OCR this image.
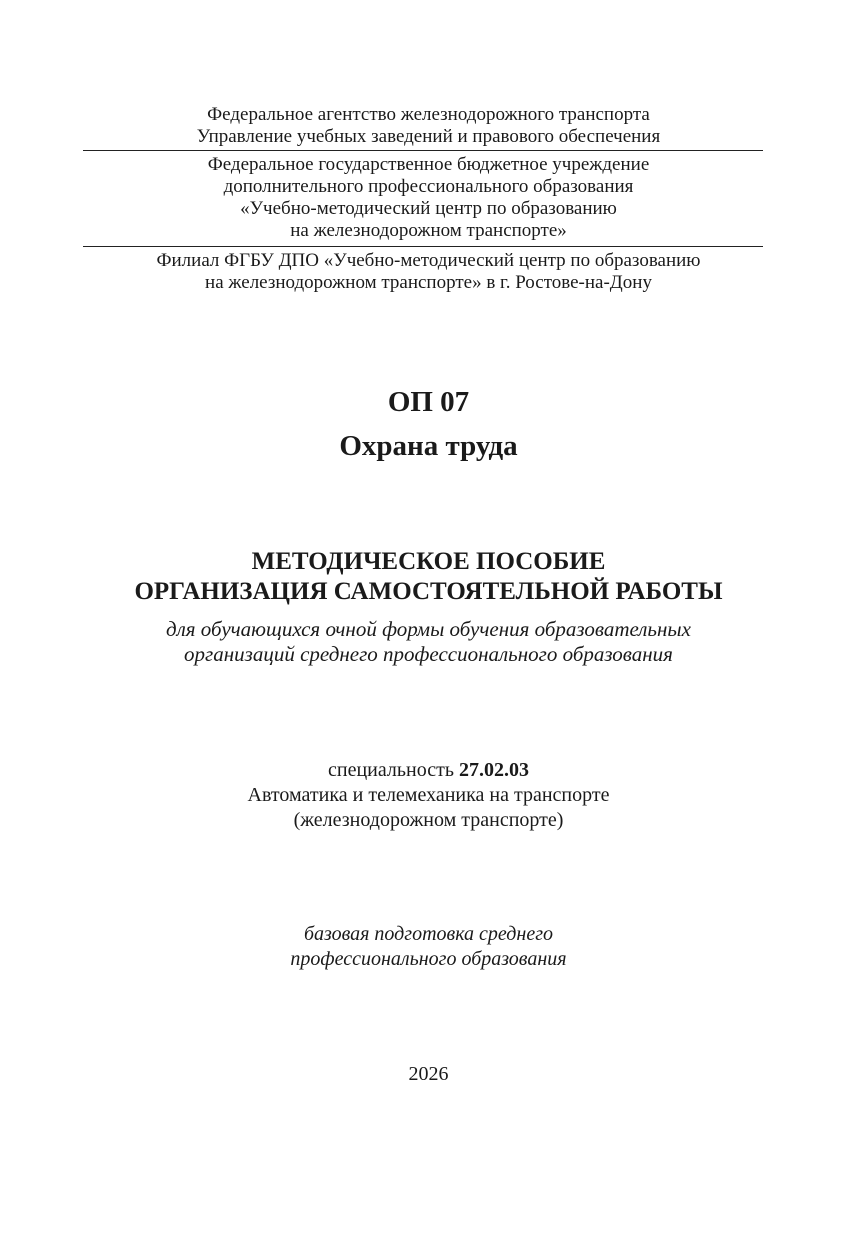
Федеральное агентство железнодорожного транспорта
Управление учебных заведений и правового обеспечения
Федеральное государственное бюджетное учреждение
дополнительного профессионального образования
«Учебно-методический центр по образованию
на железнодорожном транспорте»
Филиал ФГБУ ДПО «Учебно-методический центр по образованию
на железнодорожном транспорте» в г. Ростове-на-Дону
ОП 07
Охрана труда
МЕТОДИЧЕСКОЕ ПОСОБИЕ
ОРГАНИЗАЦИЯ САМОСТОЯТЕЛЬНОЙ РАБОТЫ
для обучающихся очной формы обучения образовательных
организаций среднего профессионального образования
специальность 27.02.03
Автоматика и телемеханика на транспорте
(железнодорожном транспорте)
базовая подготовка среднего
профессионального образования
2026
